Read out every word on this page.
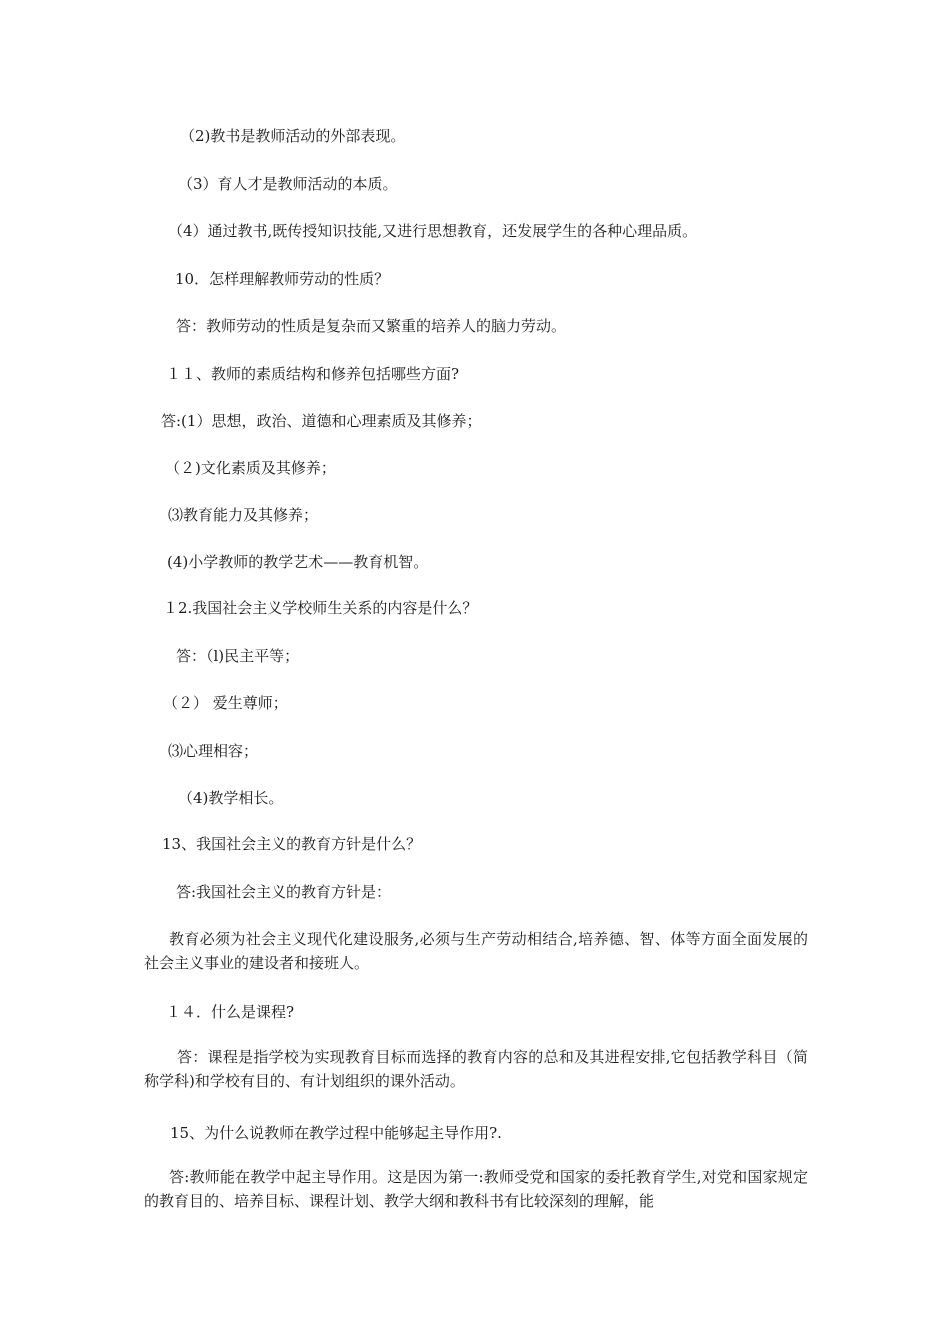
（2)教书是教师活动的外部表现。

（3）育人才是教师活动的本质。

（4）通过教书,既传授知识技能,又进行思想教育，还发展学生的各种心理品质。

10．怎样理解教师劳动的性质？

答：教师劳动的性质是复杂而又繁重的培养人的脑力劳动。

１１、教师的素质结构和修养包括哪些方面?

答:(1）思想，政治、道德和心理素质及其修养；

（２)文化素质及其修养；

⑶教育能力及其修养；

(4)小学教师的教学艺术——教育机智。

１2.我国社会主义学校师生关系的内容是什么？

答：（l)民主平等；

（２） 爱生尊师；

⑶心理相容；

（4)教学相长。

13、我国社会主义的教育方针是什么？

答:我国社会主义的教育方针是：

教育必须为社会主义现代化建设服务,必须与生产劳动相结合,培养德、智、体等方面全面发展的社会主义事业的建设者和接班人。

１４．什么是课程?

答：课程是指学校为实现教育目标而选择的教育内容的总和及其进程安排,它包括教学科目（简称学科)和学校有目的、有计划组织的课外活动。

15、为什么说教师在教学过程中能够起主导作用?.

答:教师能在教学中起主导作用。这是因为第一:教师受党和国家的委托教育学生,对党和国家规定的教育目的、培养目标、课程计划、教学大纲和教科书有比较深刻的理解，能
